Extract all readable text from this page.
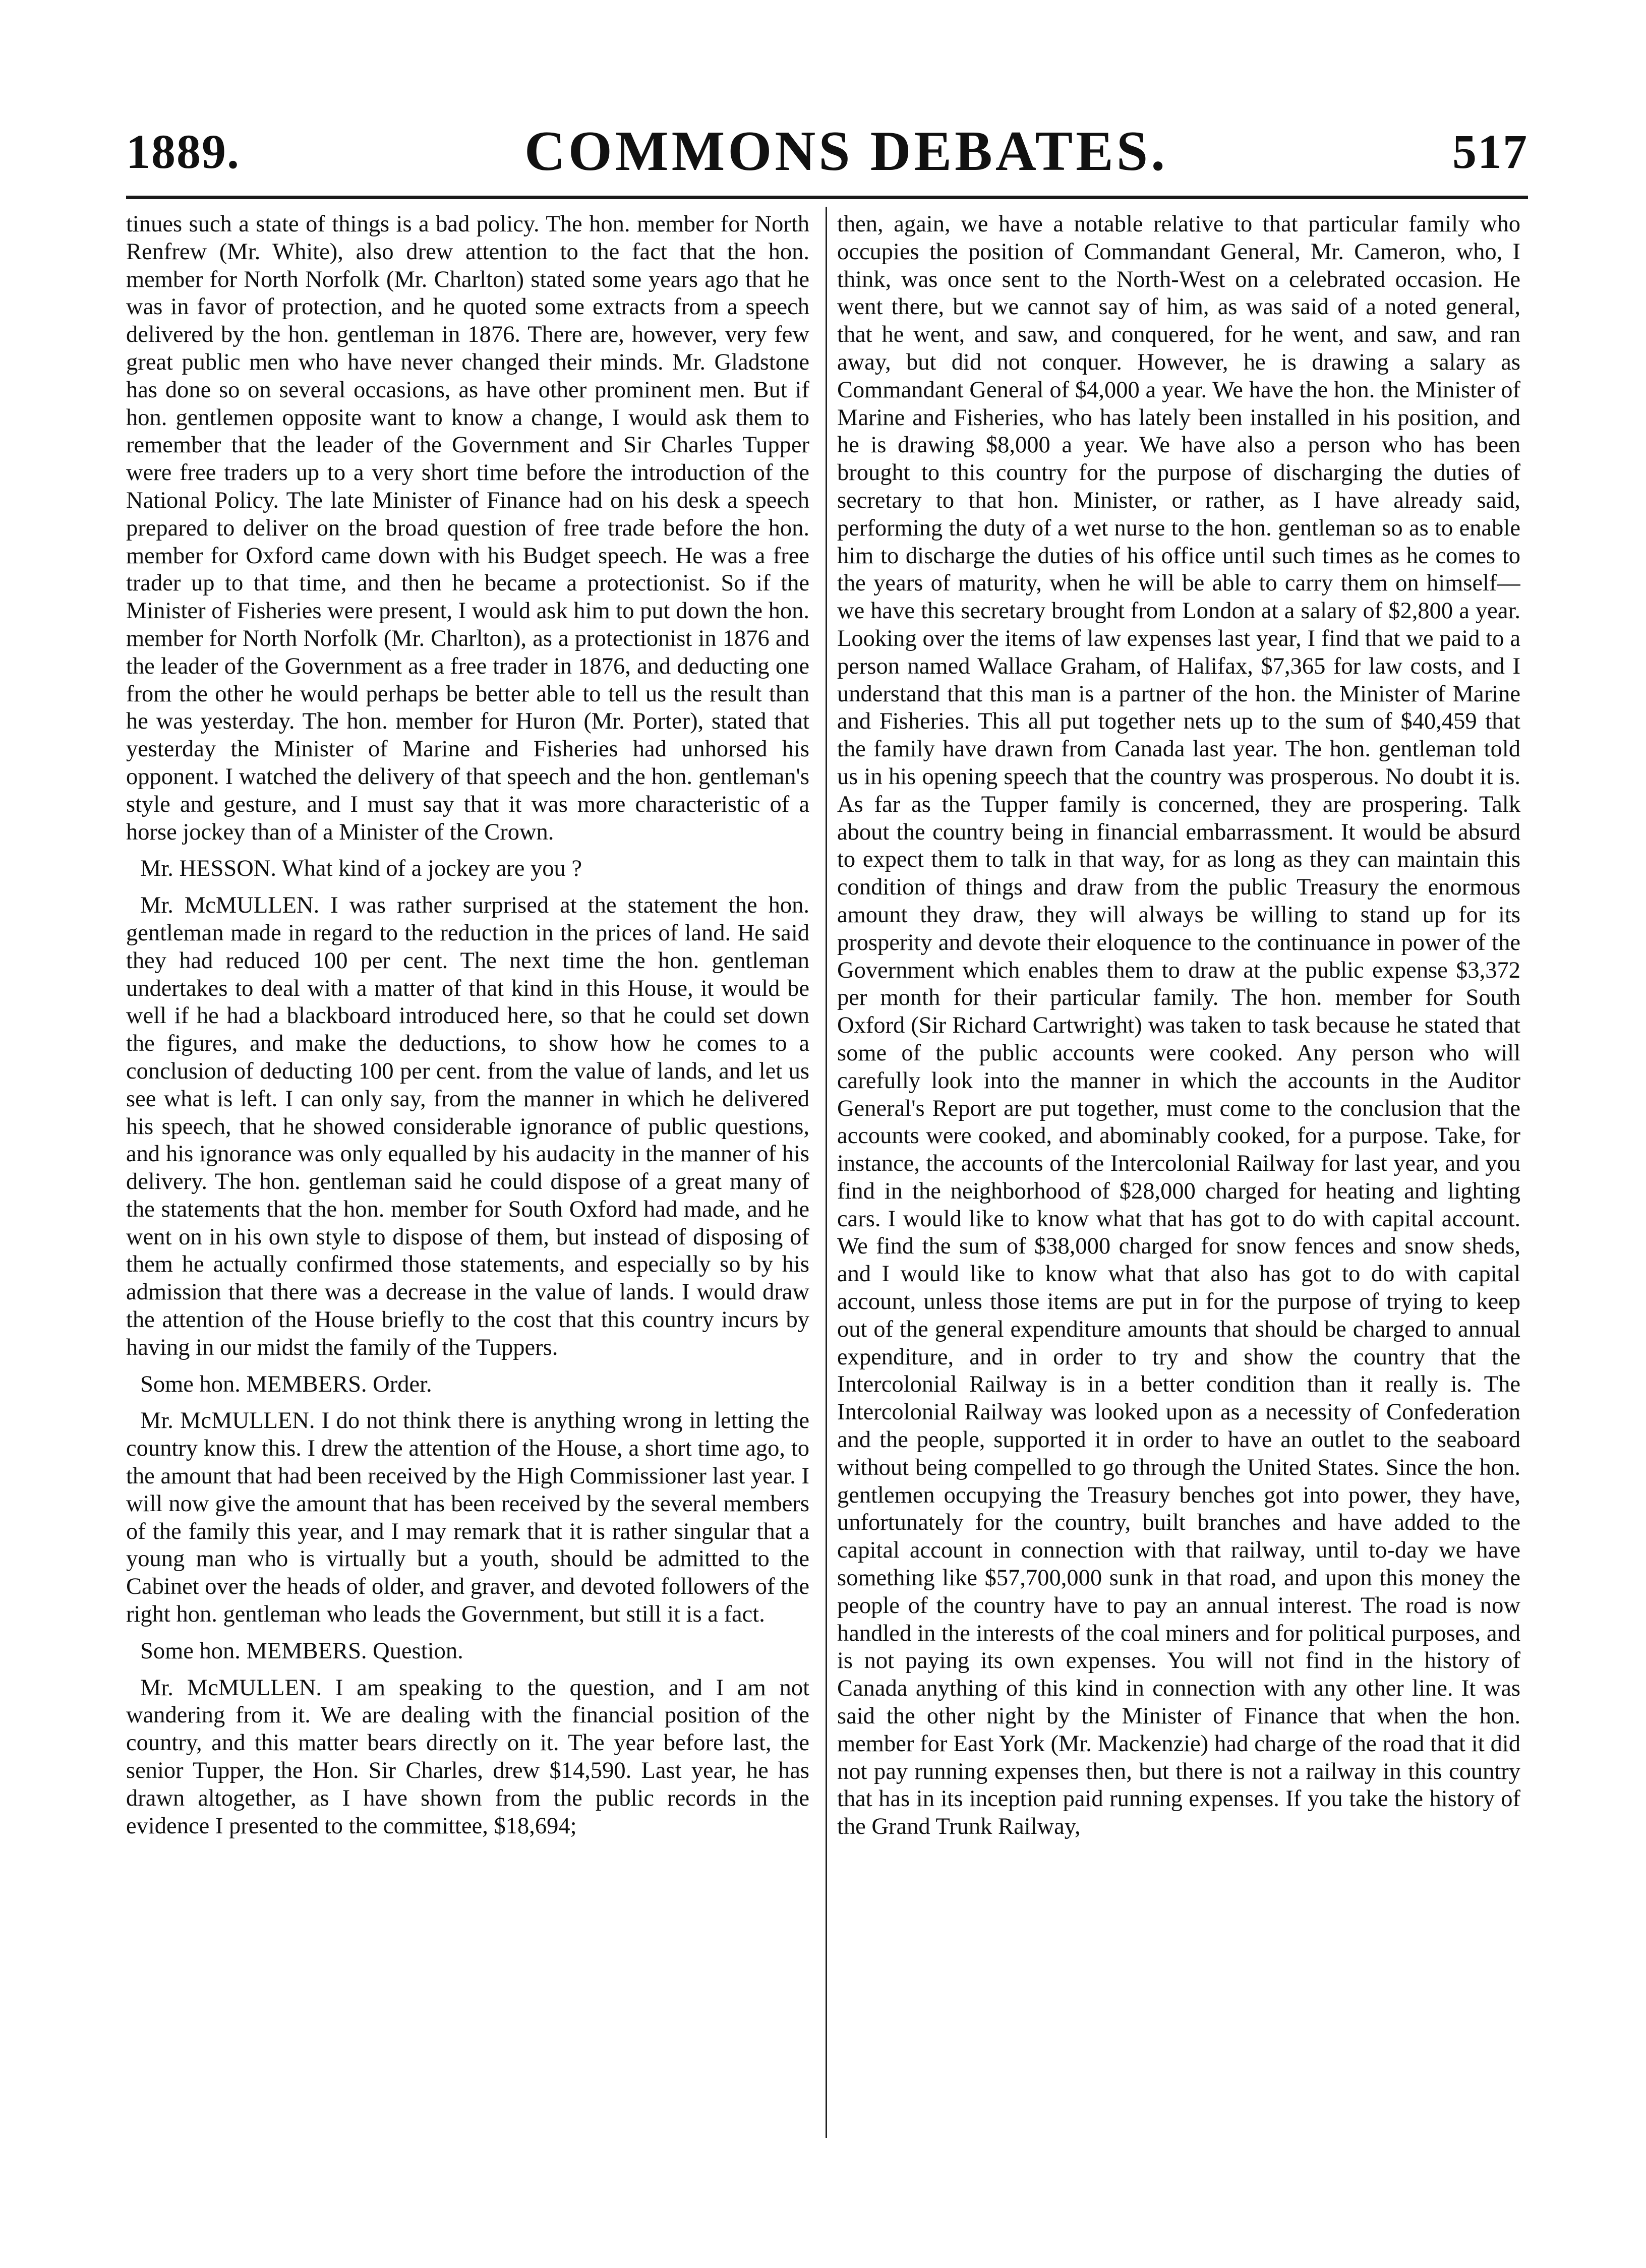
1889.	COMMONS DEBATES.	517

tinues such a state of things is a bad policy. The hon. member for North Renfrew (Mr. White), also drew attention to the fact that the hon. member for North Norfolk (Mr. Charlton) stated some years ago that he was in favor of protection, and he quoted some extracts from a speech delivered by the hon. gentleman in 1876. There are, however, very few great public men who have never changed their minds. Mr. Gladstone has done so on several occasions, as have other prominent men. But if hon. gentlemen opposite want to know a change, I would ask them to remember that the leader of the Government and Sir Charles Tupper were free traders up to a very short time before the introduction of the National Policy. The late Minister of Finance had on his desk a speech prepared to deliver on the broad question of free trade before the hon. member for Oxford came down with his Budget speech. He was a free trader up to that time, and then he became a protectionist. So if the Minister of Fisheries were present, I would ask him to put down the hon. member for North Norfolk (Mr. Charlton), as a protectionist in 1876 and the leader of the Government as a free trader in 1876, and deducting one from the other he would perhaps be better able to tell us the result than he was yesterday. The hon. member for Huron (Mr. Porter), stated that yesterday the Minister of Marine and Fisheries had unhorsed his opponent. I watched the delivery of that speech and the hon. gentleman's style and gesture, and I must say that it was more characteristic of a horse jockey than of a Minister of the Crown.

Mr. HESSON. What kind of a jockey are you ?

Mr. McMULLEN. I was rather surprised at the statement the hon. gentleman made in regard to the reduction in the prices of land. He said they had reduced 100 per cent. The next time the hon. gentleman undertakes to deal with a matter of that kind in this House, it would be well if he had a blackboard introduced here, so that he could set down the figures, and make the deductions, to show how he comes to a conclusion of deducting 100 per cent. from the value of lands, and let us see what is left. I can only say, from the manner in which he delivered his speech, that he showed considerable ignorance of public questions, and his ignorance was only equalled by his audacity in the manner of his delivery. The hon. gentleman said he could dispose of a great many of the statements that the hon. member for South Oxford had made, and he went on in his own style to dispose of them, but instead of disposing of them he actually confirmed those statements, and especially so by his admission that there was a decrease in the value of lands. I would draw the attention of the House briefly to the cost that this country incurs by having in our midst the family of the Tuppers.

Some hon. MEMBERS. Order.

Mr. McMULLEN. I do not think there is anything wrong in letting the country know this. I drew the attention of the House, a short time ago, to the amount that had been received by the High Commissioner last year. I will now give the amount that has been received by the several members of the family this year, and I may remark that it is rather singular that a young man who is virtually but a youth, should be admitted to the Cabinet over the heads of older, and graver, and devoted followers of the right hon. gentleman who leads the Government, but still it is a fact.

Some hon. MEMBERS. Question.

Mr. McMULLEN. I am speaking to the question, and I am not wandering from it. We are dealing with the financial position of the country, and this matter bears directly on it. The year before last, the senior Tupper, the Hon. Sir Charles, drew $14,590. Last year, he has drawn altogether, as I have shown from the public records in the evidence I presented to the committee, $18,694;

then, again, we have a notable relative to that particular family who occupies the position of Commandant General, Mr. Cameron, who, I think, was once sent to the North-West on a celebrated occasion. He went there, but we cannot say of him, as was said of a noted general, that he went, and saw, and conquered, for he went, and saw, and ran away, but did not conquer. However, he is drawing a salary as Commandant General of $4,000 a year. We have the hon. the Minister of Marine and Fisheries, who has lately been installed in his position, and he is drawing $8,000 a year. We have also a person who has been brought to this country for the purpose of discharging the duties of secretary to that hon. Minister, or rather, as I have already said, performing the duty of a wet nurse to the hon. gentleman so as to enable him to discharge the duties of his office until such times as he comes to the years of maturity, when he will be able to carry them on himself—we have this secretary brought from London at a salary of $2,800 a year. Looking over the items of law expenses last year, I find that we paid to a person named Wallace Graham, of Halifax, $7,365 for law costs, and I understand that this man is a partner of the hon. the Minister of Marine and Fisheries. This all put together nets up to the sum of $40,459 that the family have drawn from Canada last year. The hon. gentleman told us in his opening speech that the country was prosperous. No doubt it is. As far as the Tupper family is concerned, they are prospering. Talk about the country being in financial embarrassment. It would be absurd to expect them to talk in that way, for as long as they can maintain this condition of things and draw from the public Treasury the enormous amount they draw, they will always be willing to stand up for its prosperity and devote their eloquence to the continuance in power of the Government which enables them to draw at the public expense $3,372 per month for their particular family. The hon. member for South Oxford (Sir Richard Cartwright) was taken to task because he stated that some of the public accounts were cooked. Any person who will carefully look into the manner in which the accounts in the Auditor General's Report are put together, must come to the conclusion that the accounts were cooked, and abominably cooked, for a purpose. Take, for instance, the accounts of the Intercolonial Railway for last year, and you find in the neighborhood of $28,000 charged for heating and lighting cars. I would like to know what that has got to do with capital account. We find the sum of $38,000 charged for snow fences and snow sheds, and I would like to know what that also has got to do with capital account, unless those items are put in for the purpose of trying to keep out of the general expenditure amounts that should be charged to annual expenditure, and in order to try and show the country that the Intercolonial Railway is in a better condition than it really is. The Intercolonial Railway was looked upon as a necessity of Confederation and the people, supported it in order to have an outlet to the seaboard without being compelled to go through the United States. Since the hon. gentlemen occupying the Treasury benches got into power, they have, unfortunately for the country, built branches and have added to the capital account in connection with that railway, until to-day we have something like $57,700,000 sunk in that road, and upon this money the people of the country have to pay an annual interest. The road is now handled in the interests of the coal miners and for political purposes, and is not paying its own expenses. You will not find in the history of Canada anything of this kind in connection with any other line. It was said the other night by the Minister of Finance that when the hon. member for East York (Mr. Mackenzie) had charge of the road that it did not pay running expenses then, but there is not a railway in this country that has in its inception paid running expenses. If you take the history of the Grand Trunk Railway,
